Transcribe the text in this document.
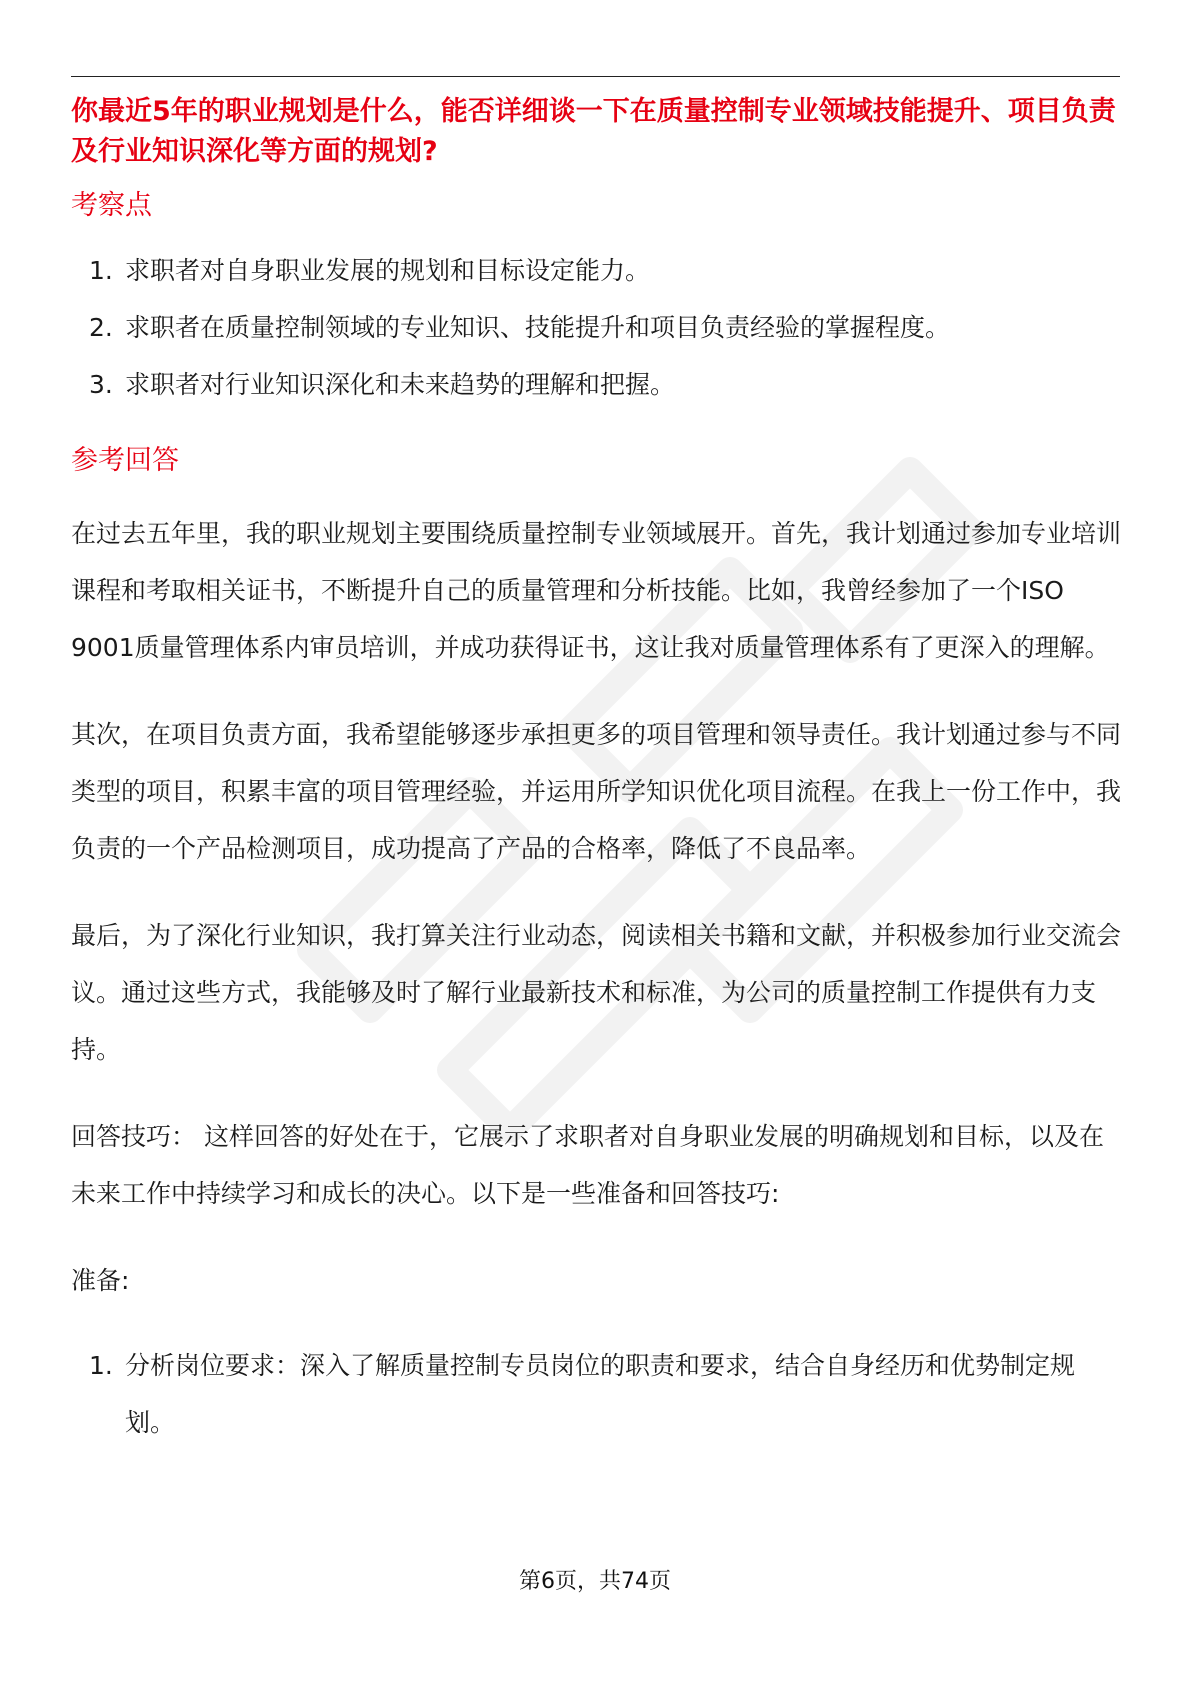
你最近5年的职业规划是什么，能否详细谈一下在质量控制专业领域技能提升、项目负责及行业知识深化等方面的规划?

考察点

1. 求职者对自身职业发展的规划和目标设定能力。
2. 求职者在质量控制领域的专业知识、技能提升和项目负责经验的掌握程度。
3. 求职者对行业知识深化和未来趋势的理解和把握。

参考回答

在过去五年里，我的职业规划主要围绕质量控制专业领域展开。首先，我计划通过参加专业培训课程和考取相关证书，不断提升自己的质量管理和分析技能。比如，我曾经参加了一个ISO 9001质量管理体系内审员培训，并成功获得证书，这让我对质量管理体系有了更深入的理解。

其次，在项目负责方面，我希望能够逐步承担更多的项目管理和领导责任。我计划通过参与不同类型的项目，积累丰富的项目管理经验，并运用所学知识优化项目流程。在我上一份工作中，我负责的一个产品检测项目，成功提高了产品的合格率，降低了不良品率。

最后，为了深化行业知识，我打算关注行业动态，阅读相关书籍和文献，并积极参加行业交流会议。通过这些方式，我能够及时了解行业最新技术和标准，为公司的质量控制工作提供有力支持。

回答技巧： 这样回答的好处在于，它展示了求职者对自身职业发展的明确规划和目标，以及在未来工作中持续学习和成长的决心。以下是一些准备和回答技巧:

准备:

1. 分析岗位要求：深入了解质量控制专员岗位的职责和要求，结合自身经历和优势制定规划。
第6页，共74页
